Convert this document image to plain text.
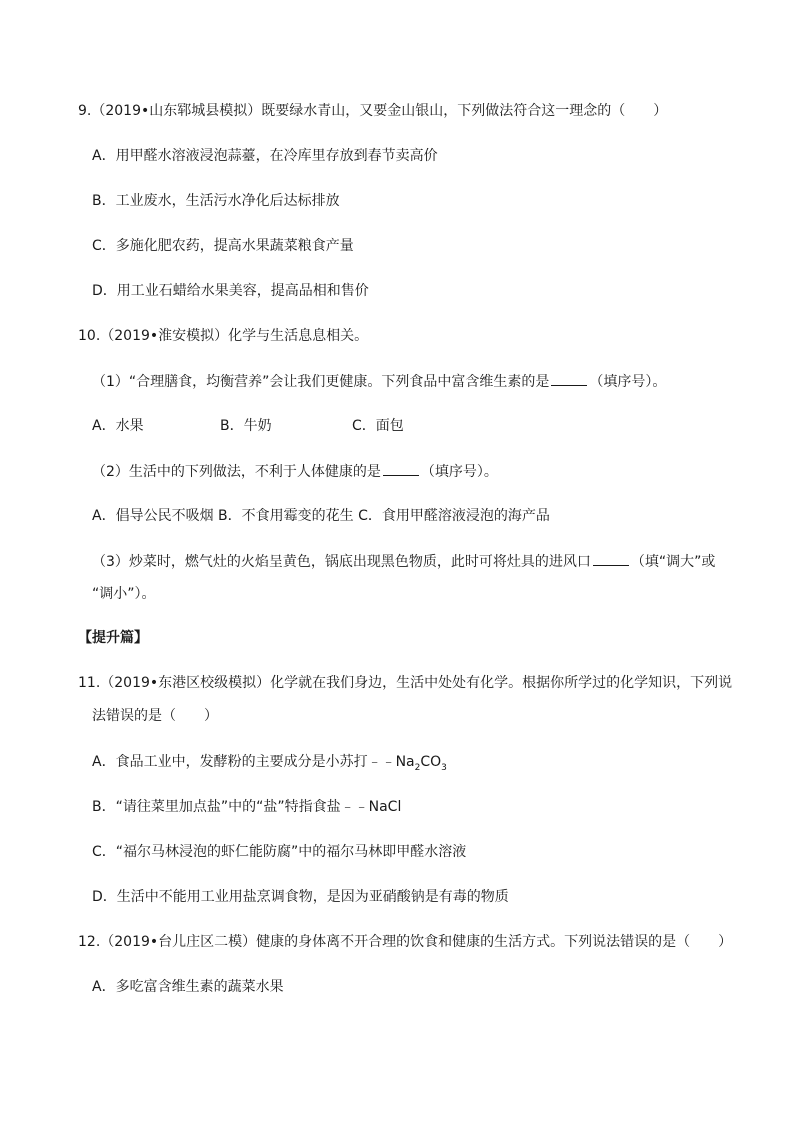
9.（2019•山东郓城县模拟）既要绿水青山，又要金山银山，下列做法符合这一理念的（　　）
A．用甲醛水溶液浸泡蒜薹，在冷库里存放到春节卖高价
B．工业废水，生活污水净化后达标排放
C．多施化肥农药，提高水果蔬菜粮食产量
D．用工业石蜡给水果美容，提高品相和售价
10.（2019•淮安模拟）化学与生活息息相关。
（1）“合理膳食，均衡营养”会让我们更健康。下列食品中富含维生素的是	（填序号）。
A．水果	B．牛奶	C．面包
（2）生活中的下列做法，不利于人体健康的是	（填序号）。
A．倡导公民不吸烟 B．不食用霉变的花生 C．食用甲醛溶液浸泡的海产品
（3）炒菜时，燃气灶的火焰呈黄色，锅底出现黑色物质，此时可将灶具的进风口	（填“调大”或
“调小”）。
【提升篇】
11.（2019•东港区校级模拟）化学就在我们身边，生活中处处有化学。根据你所学过的化学知识，下列说
法错误的是（　　）
A．食品工业中，发酵粉的主要成分是小苏打$﹣﹣Na_2CO_3$
B．“请往菜里加点盐”中的“盐”特指食盐﹣﹣NaCl
C．“福尔马林浸泡的虾仁能防腐”中的福尔马林即甲醛水溶液
D．生活中不能用工业用盐烹调食物，是因为亚硝酸钠是有毒的物质
12.（2019•台儿庄区二模）健康的身体离不开合理的饮食和健康的生活方式。下列说法错误的是（　　）
A．多吃富含维生素的蔬菜水果
